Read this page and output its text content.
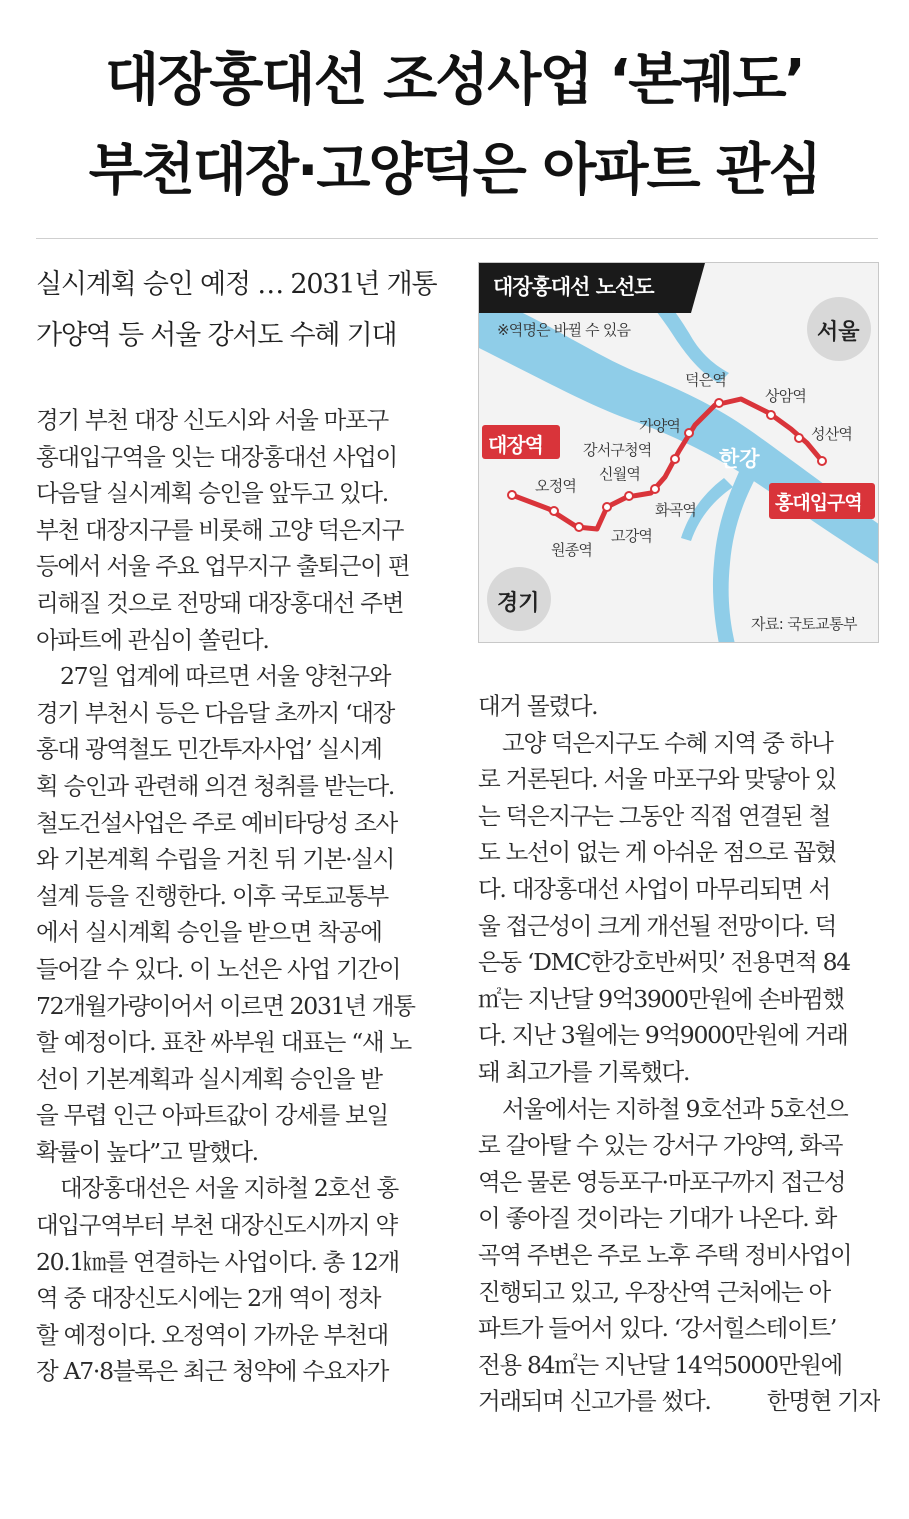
대장홍대선 조성사업 ‘본궤도’
부천대장·고양덕은 아파트 관심

실시계획 승인 예정 … 2031년 개통

가양역 등 서울 강서도 수혜 기대

경기 부천 대장 신도시와 서울 마포구
홍대입구역을 잇는 대장홍대선 사업이
다음달 실시계획 승인을 앞두고 있다.
부천 대장지구를 비롯해 고양 덕은지구
등에서 서울 주요 업무지구 출퇴근이 편
리해질 것으로 전망돼 대장홍대선 주변
아파트에 관심이 쏠린다.
27일 업계에 따르면 서울 양천구와
경기 부천시 등은 다음달 초까지 ‘대장
홍대 광역철도 민간투자사업’ 실시계
획 승인과 관련해 의견 청취를 받는다.
철도건설사업은 주로 예비타당성 조사
와 기본계획 수립을 거친 뒤 기본·실시
설계 등을 진행한다. 이후 국토교통부
에서 실시계획 승인을 받으면 착공에
들어갈 수 있다. 이 노선은 사업 기간이
72개월가량이어서 이르면 2031년 개통
할 예정이다. 표찬 싸부원 대표는 “새 노
선이 기본계획과 실시계획 승인을 받
을 무렵 인근 아파트값이 강세를 보일
확률이 높다”고 말했다.
대장홍대선은 서울 지하철 2호선 홍
대입구역부터 부천 대장신도시까지 약
20.1㎞를 연결하는 사업이다. 총 12개
역 중 대장신도시에는 2개 역이 정차
할 예정이다. 오정역이 가까운 부천대
장 A7·8블록은 최근 청약에 수요자가
대장홍대선 노선도
※역명은 바뀔 수 있음	서울
경기
한강
자료: 국토교통부
대장역
홍대입구역
오정역
원종역
고강역
신월역
화곡역
강서구청역
가양역
덕은역
상암역
성산역
대거 몰렸다.
고양 덕은지구도 수혜 지역 중 하나
로 거론된다. 서울 마포구와 맞닿아 있
는 덕은지구는 그동안 직접 연결된 철
도 노선이 없는 게 아쉬운 점으로 꼽혔
다. 대장홍대선 사업이 마무리되면 서
울 접근성이 크게 개선될 전망이다. 덕
은동 ‘DMC한강호반써밋’ 전용면적 84
㎡는 지난달 9억3900만원에 손바뀜했
다. 지난 3월에는 9억9000만원에 거래
돼 최고가를 기록했다.
서울에서는 지하철 9호선과 5호선으
로 갈아탈 수 있는 강서구 가양역, 화곡
역은 물론 영등포구·마포구까지 접근성
이 좋아질 것이라는 기대가 나온다. 화
곡역 주변은 주로 노후 주택 정비사업이
진행되고 있고, 우장산역 근처에는 아
파트가 들어서 있다. ‘강서힐스테이트’
전용 84㎡는 지난달 14억5000만원에
거래되며 신고가를 썼다. 한명현 기자
